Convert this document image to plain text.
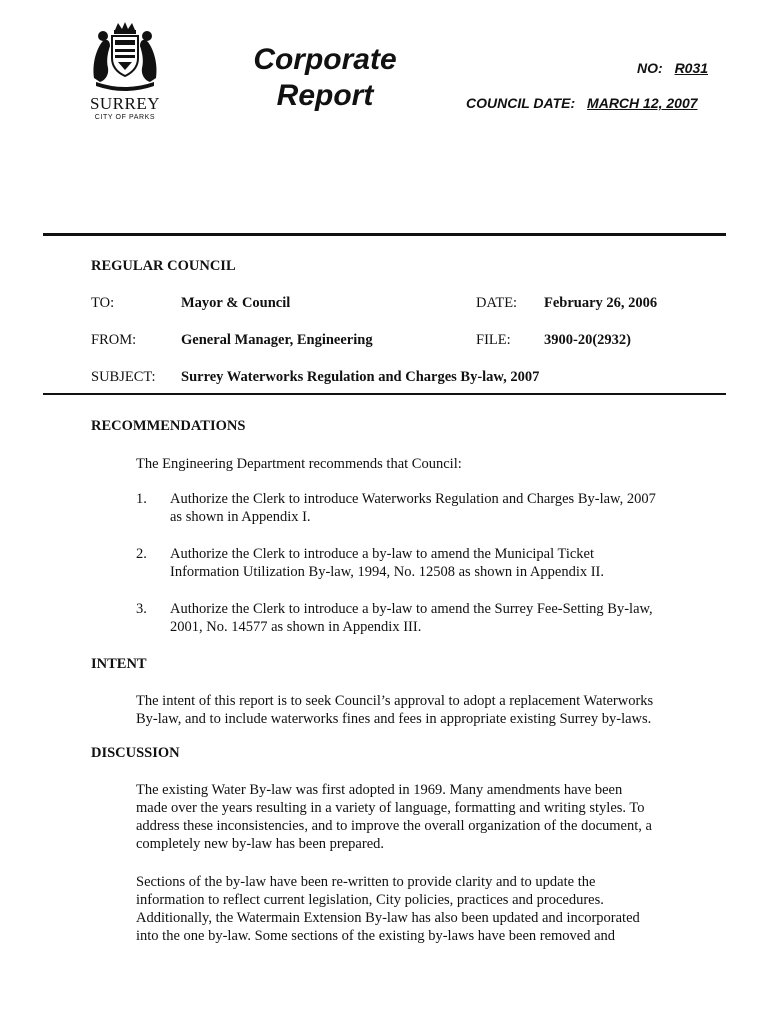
SURREY
CITY OF PARKS
Corporate
Report
NO: R031
COUNCIL DATE: MARCH 12, 2007
REGULAR COUNCIL
TO:	Mayor & Council	DATE: February 26, 2006
FROM:	General Manager, Engineering	FILE: 3900-20(2932)
SUBJECT: Surrey Waterworks Regulation and Charges By-law, 2007
RECOMMENDATIONS
The Engineering Department recommends that Council:
1. Authorize the Clerk to introduce Waterworks Regulation and Charges By-law, 2007
as shown in Appendix I.
2. Authorize the Clerk to introduce a by-law to amend the Municipal Ticket
Information Utilization By-law, 1994, No. 12508 as shown in Appendix II.
3. Authorize the Clerk to introduce a by-law to amend the Surrey Fee-Setting By-law,
2001, No. 14577 as shown in Appendix III.
INTENT
The intent of this report is to seek Council’s approval to adopt a replacement Waterworks
By-law, and to include waterworks fines and fees in appropriate existing Surrey by-laws.
DISCUSSION
The existing Water By-law was first adopted in 1969. Many amendments have been
made over the years resulting in a variety of language, formatting and writing styles. To
address these inconsistencies, and to improve the overall organization of the document, a
completely new by-law has been prepared.
Sections of the by-law have been re-written to provide clarity and to update the
information to reflect current legislation, City policies, practices and procedures.
Additionally, the Watermain Extension By-law has also been updated and incorporated
into the one by-law. Some sections of the existing by-laws have been removed and
